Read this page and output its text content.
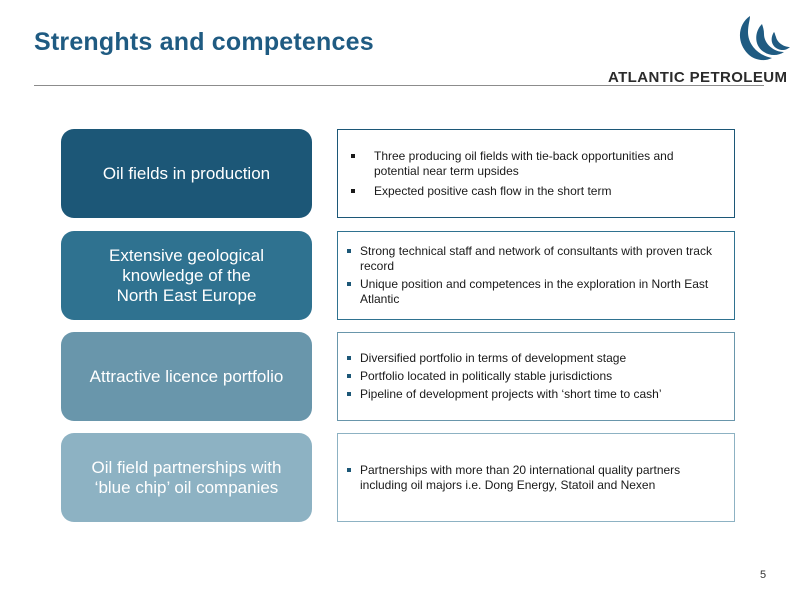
Strenghts and competences
ATLANTIC PETROLEUM
Oil fields in production
Three producing oil fields with tie-back opportunities and potential near term upsides
Expected positive cash flow in the short term
Extensive geological
knowledge of the
North East Europe
Strong technical staff and network of consultants with proven track record
Unique position and competences in the exploration in North East Atlantic
Attractive licence portfolio
Diversified portfolio in terms of development stage
Portfolio located in politically stable jurisdictions
Pipeline of development projects with ‘short time to cash’
Oil field partnerships with
‘blue chip’ oil companies
Partnerships with more than 20 international quality partners including oil majors i.e. Dong Energy, Statoil and Nexen
5
